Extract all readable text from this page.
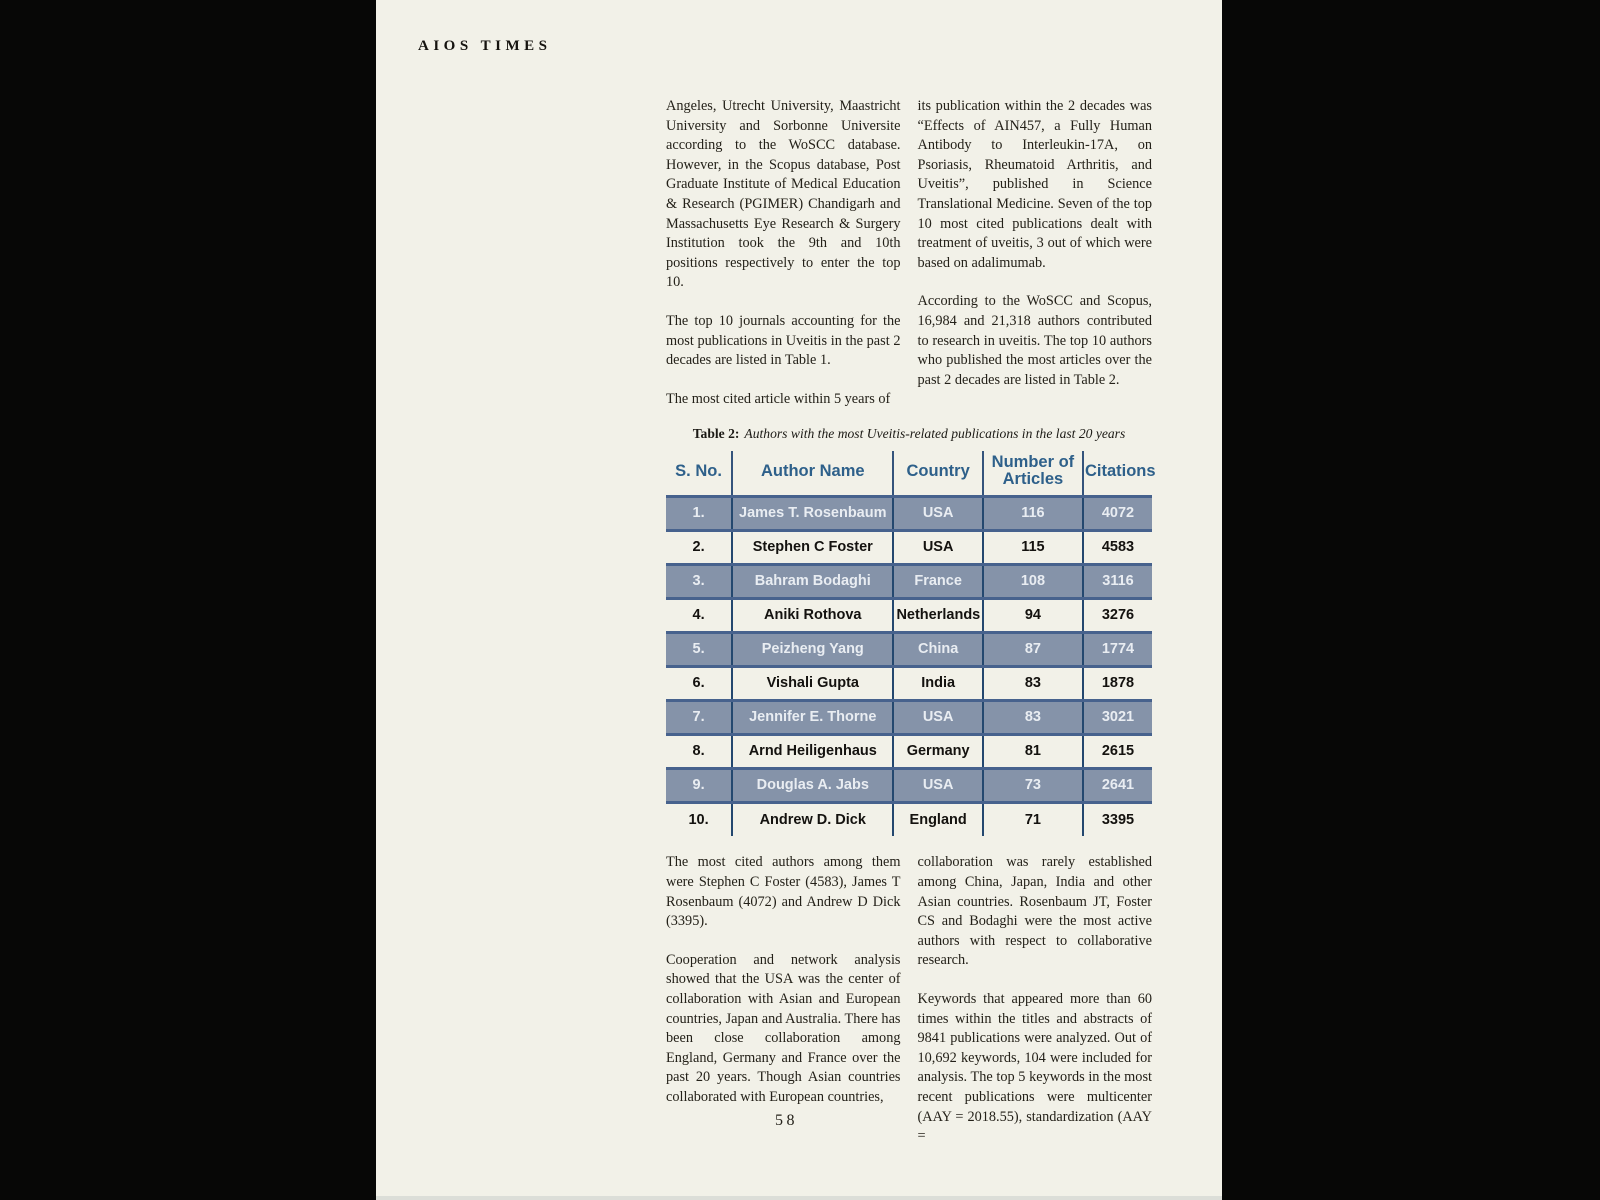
AIOS TIMES

Angeles, Utrecht University, Maastricht University and Sorbonne Universite according to the WoSCC database. However, in the Scopus database, Post Graduate Institute of Medical Education & Research (PGIMER) Chandigarh and Massachusetts Eye Research & Surgery Institution took the 9th and 10th positions respectively to enter the top 10.

The top 10 journals accounting for the most publications in Uveitis in the past 2 decades are listed in Table 1.

The most cited article within 5 years of

its publication within the 2 decades was “Effects of AIN457, a Fully Human Antibody to Interleukin-17A, on Psoriasis, Rheumatoid Arthritis, and Uveitis”, published in Science Translational Medicine. Seven of the top 10 most cited publications dealt with treatment of uveitis, 3 out of which were based on adalimumab.

According to the WoSCC and Scopus, 16,984 and 21,318 authors contributed to research in uveitis. The top 10 authors who published the most articles over the past 2 decades are listed in Table 2.

Table 2: Authors with the most Uveitis-related publications in the last 20 years
S. No.	Author Name	Country	Number of Articles	Citations
1.	James T. Rosenbaum	USA	116	4072
2.	Stephen C Foster	USA	115	4583
3.	Bahram Bodaghi	France	108	3116
4.	Aniki Rothova	Netherlands	94	3276
5.	Peizheng Yang	China	87	1774
6.	Vishali Gupta	India	83	1878
7.	Jennifer E. Thorne	USA	83	3021
8.	Arnd Heiligenhaus	Germany	81	2615
9.	Douglas A. Jabs	USA	73	2641
10.	Andrew D. Dick	England	71	3395

The most cited authors among them were Stephen C Foster (4583), James T Rosenbaum (4072) and Andrew D Dick (3395).

Cooperation and network analysis showed that the USA was the center of collaboration with Asian and European countries, Japan and Australia. There has been close collaboration among England, Germany and France over the past 20 years. Though Asian countries collaborated with European countries,

collaboration was rarely established among China, Japan, India and other Asian countries. Rosenbaum JT, Foster CS and Bodaghi were the most active authors with respect to collaborative research.

Keywords that appeared more than 60 times within the titles and abstracts of 9841 publications were analyzed. Out of 10,692 keywords, 104 were included for analysis. The top 5 keywords in the most recent publications were multicenter (AAY = 2018.55), standardization (AAY =

58
